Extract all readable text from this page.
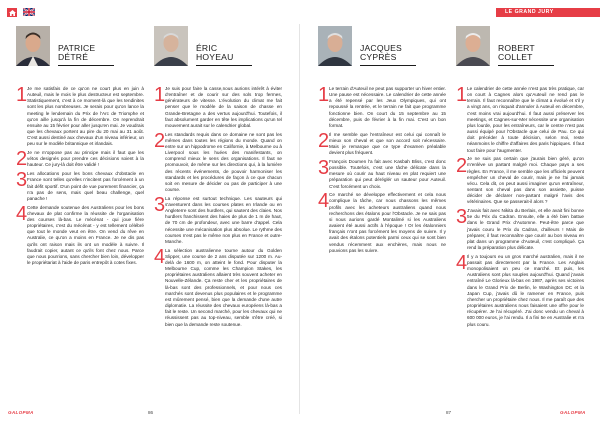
LE GRAND JURY
PATRICE
DÉTRÉ
1 Je me satisfais de ce qu'on ne court plus en juin à Auteuil, mais le mois le plus destructeur est septembre. Statistiquement, c'est à ce moment-là que les tendinites sont les plus nombreuses. Je serais pour qu'on lance la meeting le lendemain du Prix de l'Arc de Triomphe et qu'on aille jusqu'à la fin de décembre. On reprendrait ensuite au 15 février pour aller jusqu'en mai. Je voudrais que les chevaux portent au pire du 20 mai au 31 août. C'est aussi destiné aux chevaux d'un niveau inférieur, un peu sur le modèle britannique et irlandais.
2 Je ne m'oppose pas au principe mais il faut que les vétos designés pour prendre ces décisions soient à la hauteur. Ce jury-là doit être validé !
3 Les allocations pour les bons chevaux d'obstacle en France sont telles qu'elles n'incitent pas forcément à un fait défit sportif. D'un point de vue purement financier, ça n'a pas de sens, mais quel beau challenge, quel panache !
4 Cette demande soutenue des Australiens pour les bons chevaux de plat confirme la réussite de l'organisation des courses là-bas. Le mécénat - qui joue fière propriétaires, c'est du mécénat - y est tellement célébré que tout le monde veut en être. On vend du rêve en Australie, ce qu'on a moins en France. Je ne dis pas qu'ils ont raison mais ils ont un modèle à suivre. Il faudrait copier, autant ce qu'ils font chez nous. Parce que nous pourrions, sans chercher bien loin, développer le propriétariat à l'aide de paris entrepôt à cotes fixes.
ÉRIC
HOYEAU
1 Je suis pour faire la casse,nous aurions intérêt à éviter d'entraîner et de courir sur des sols trop fermes, générateurs de vitesse. L'évolution du climat me fait penser que le modèle de la saison de chasse en Grande-Bretagne a des vertus aujourd'hui. Toutefois, il faut absolument garder en tête les implications qu'un tel mouvement aurait sur le calendrier global.
2 Les standards requis dans ce domaine ne sont pas les mêmes dans toutes les régions du monde. Quand on entre sur un hippodrome en Californie, à Melbourne ou à Liverpool sous les huées des manifestants, on comprend mieux le sens des organisations. Il faut se promouvoir, de même sur les directions qui, à la lumière des récents événements, de pouvoir harmoniser les standards et les procédures de façon à ce que chacun soit en mesure de décider ou pas de participer à une course.
3 La réponse est surtout technique. Les sauteurs qui s'aventurent dans les courses plates en Irlande ou en Angleterre sont des hurdlers, qui sautent des claies. Nos hurdlers franchissent des haies de plus de 1 m de haut, de 70 cm de profondeur, avec une barre d'appel. Cela nécessite une mécanisation plus absolue. Le rythme des courses n'est pas le même non plus en France et outre-Manche.
4 La sélection australienne tourne autour du Golden Slipper, une course de 2 ans disputée sur 1200 m. Au-delà de 1600 m, on atteint le fond. Pour disputer la Melbourne Cup, comme les Champion Stakes, les propriétaires australiens allaient très souvent acheter en Nouvelle-Zélande. Ça reste cher et les propriétaires de là-bas sont des professionnels, et pour nous ces marchés sont devenus plus populaires et le programme est mûrement pensé, bien que la demande d'une autre diplomatie. La réussite des chevaux européens là-bas a fait le reste. Un second marché, pour les chevaux qui ne réussissent pas au top-niveau, semble s'être créé, si bien que la demande reste soutenue.
JACQUES
CYPRÈS
1 Le terrain d'Auteuil ne peut pas supporter un hiver entier. Une pause est nécessaire. Le calendrier de cette année a été repensé par les Jeux Olympiques, qui ont repoussé la rentrée, et le terrain ne fait que programme fonctionne bien. On court du 15 septembre au 15 décembre, puis de février à la fin mai. C'est un bon format.
2 Il me semble que l'entraîneur est celui qui connaît le mieux son cheval et que son accord soit nécessaire. Mais je remarque que ce type d'examen préalable devient plus fréquent.
3 François Doumen l'a fait avec Kasbah Bliss, c'est donc possible. Toutefois, c'est une tâche délicate dans la mesure où courir au haut niveau en plat requiert une préparation qui peut déréglér un sauteur pour Auteuil. C'est forcément un choix.
4 Ce marché se développe effectivement et cela nous complique la tâche, car nous chassons les mêmes profils avec les acheteurs australiens quand nous recherchons des étalons pour l'Obstacle. Je ne sais pas si nous aurions gardé Montalimé si les Australiens avaient été aussi actifs à l'époque ! Or les étalonniers français n'ont pas forcément les moyens de suivre. Il y avait des étalons potentiels parmi ceux qui se sont bien vendus récemment aux enchères, mais nous ne pouvions pas les suivre.
ROBERT
COLLET
1 Le calendrier de cette année n'est pas très pratique, car on court à Cagnes alors qu'Auteuil ne rend pas le terrain. Il faut reconnaître que le climat a évolué et s'il y a vingt ans, on risquait d'annuler à Auteuil en décembre, c'est moins vrai aujourd'hui. Il faut aussi préserver les meetings, et Cagnes-sur-Mer nécessite une organisation plus lourde, pour les entraîneurs, car le centre n'est pas aussi équipé pour l'Obstacle que celui de Pau. Ce qui doit précéder à toute décision, selon moi, reste néanmoins le chiffre d'affaires des paris hippiques. Il faut tout faire pour l'augmenter.
2 Je ne suis pas certain que j'aurais bien géré, qu'on m'enlève un partant malgré moi. Chaque pays a ses règles. En France, il me semble que les officiels peuvent empêcher un cheval de courir, mais je ne l'ai jamais vécu. Cela dit, on peut aussi imaginer qu'un entraîneur, sentant son cheval pas dans son assiette, puisse décider de déclarer non-partant malgré l'avis des vétérinaires. Que se passerait-il alors ?
3 J'avais fait avec Nikita du Berlais, et elle avait fini bonne 5e du Prix du Cadran. Ensuite, elle a été bien battue dans le Grand Prix d'Automne. Peut-être parce que j'avais couru le Prix du Cadran, d'ailleurs ! Mais de préparer, il faut reconnaître que courir au bon niveau en plat dans un programme d'Auteuil, c'est compliqué. Ça rend la préparation plus délicate.
4 Il y a toujours eu un gros marché australien, mais il ne passait pas directement par la France. Les Anglais monopolisaient un peu ce marché. Et puis, les Australiens sont plus souples aujourd'hui. Quand j'avais entraîné Le Glorieux là-bas en 1987, après ses victoires dans le Grand Prix de Berlin, le Washington DC et la Japan Cup, j'avais dû le ramener en France, puis chercher un propriétaire chez nous. Il me paraît que des propriétaires australiens nous faisaient une offre pour le récupérer. Je l'ai récupéré. J'ai donc vendu un cheval à 600 000 euros, je l'ai rendu. Il a fini 5e en Australie et n'a plus couru.
GALOPMA	86	87	GALOPMA
